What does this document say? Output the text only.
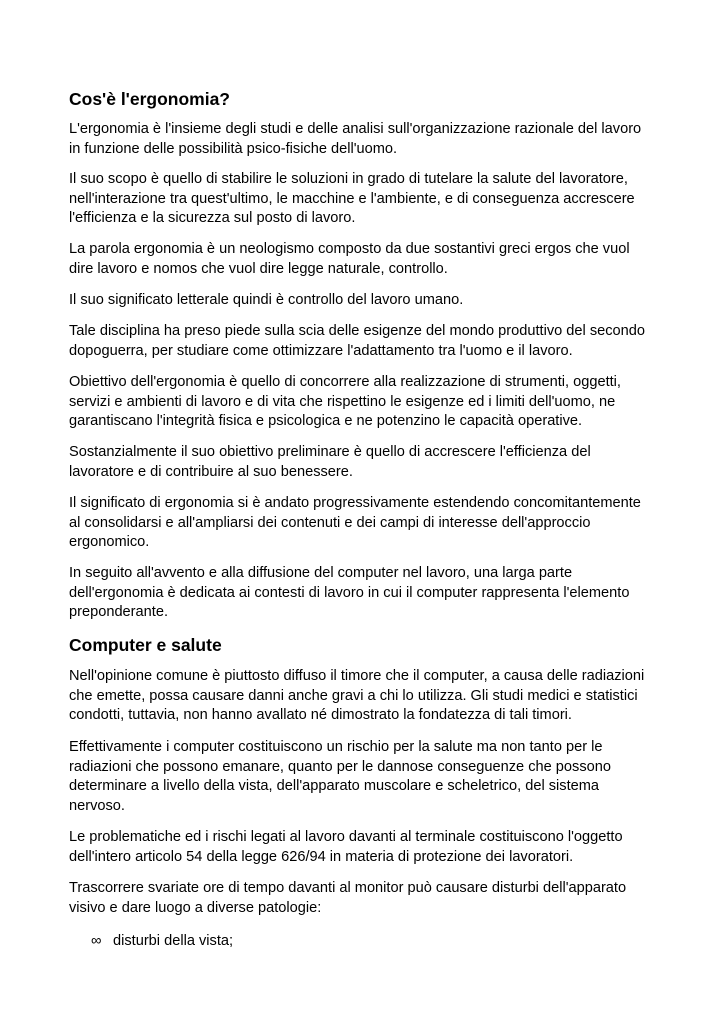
Cos'è l'ergonomia?

L'ergonomia è l'insieme degli studi e delle analisi sull'organizzazione razionale del lavoro

in funzione delle possibilità psico-fisiche dell'uomo.

Il suo scopo è quello di stabilire le soluzioni in grado di tutelare la salute del lavoratore,

nell'interazione tra quest'ultimo, le macchine e l'ambiente, e di conseguenza accrescere

l'efficienza e la sicurezza sul posto di lavoro.

La parola ergonomia è un neologismo composto da due sostantivi greci ergos che vuol

dire lavoro e nomos che vuol dire legge naturale, controllo.

Il suo significato letterale quindi è controllo del lavoro umano.

Tale disciplina ha preso piede sulla scia delle esigenze del mondo produttivo del secondo

dopoguerra, per studiare come ottimizzare l'adattamento tra l'uomo e il lavoro.

Obiettivo dell'ergonomia è quello di concorrere alla realizzazione di strumenti, oggetti,

servizi e ambienti di lavoro e di vita che rispettino le esigenze ed i limiti dell'uomo, ne

garantiscano l'integrità fisica e psicologica e ne potenzino le capacità operative.

Sostanzialmente il suo obiettivo preliminare è quello di accrescere l'efficienza del

lavoratore e di contribuire al suo benessere.

Il significato di ergonomia si è andato progressivamente estendendo concomitantemente

al consolidarsi e all'ampliarsi dei contenuti e dei campi di interesse dell'approccio

ergonomico.

In seguito all'avvento e alla diffusione del computer nel lavoro, una larga parte

dell'ergonomia è dedicata ai contesti di lavoro in cui il computer rappresenta l'elemento

preponderante.

Computer e salute

Nell'opinione comune è piuttosto diffuso il timore che il computer, a causa delle radiazioni

che emette, possa causare danni anche gravi a chi lo utilizza. Gli studi medici e statistici

condotti, tuttavia, non hanno avallato né dimostrato la fondatezza di tali timori.

Effettivamente i computer costituiscono un rischio per la salute ma non tanto per le

radiazioni che possono emanare, quanto per le dannose conseguenze che possono

determinare a livello della vista, dell'apparato muscolare e scheletrico, del sistema

nervoso.

Le problematiche ed i rischi legati al lavoro davanti al terminale costituiscono l'oggetto

dell'intero articolo 54 della legge 626/94 in materia di protezione dei lavoratori.

Trascorrere svariate ore di tempo davanti al monitor può causare disturbi dell'apparato

visivo e dare luogo a diverse patologie:

∞ disturbi della vista;
